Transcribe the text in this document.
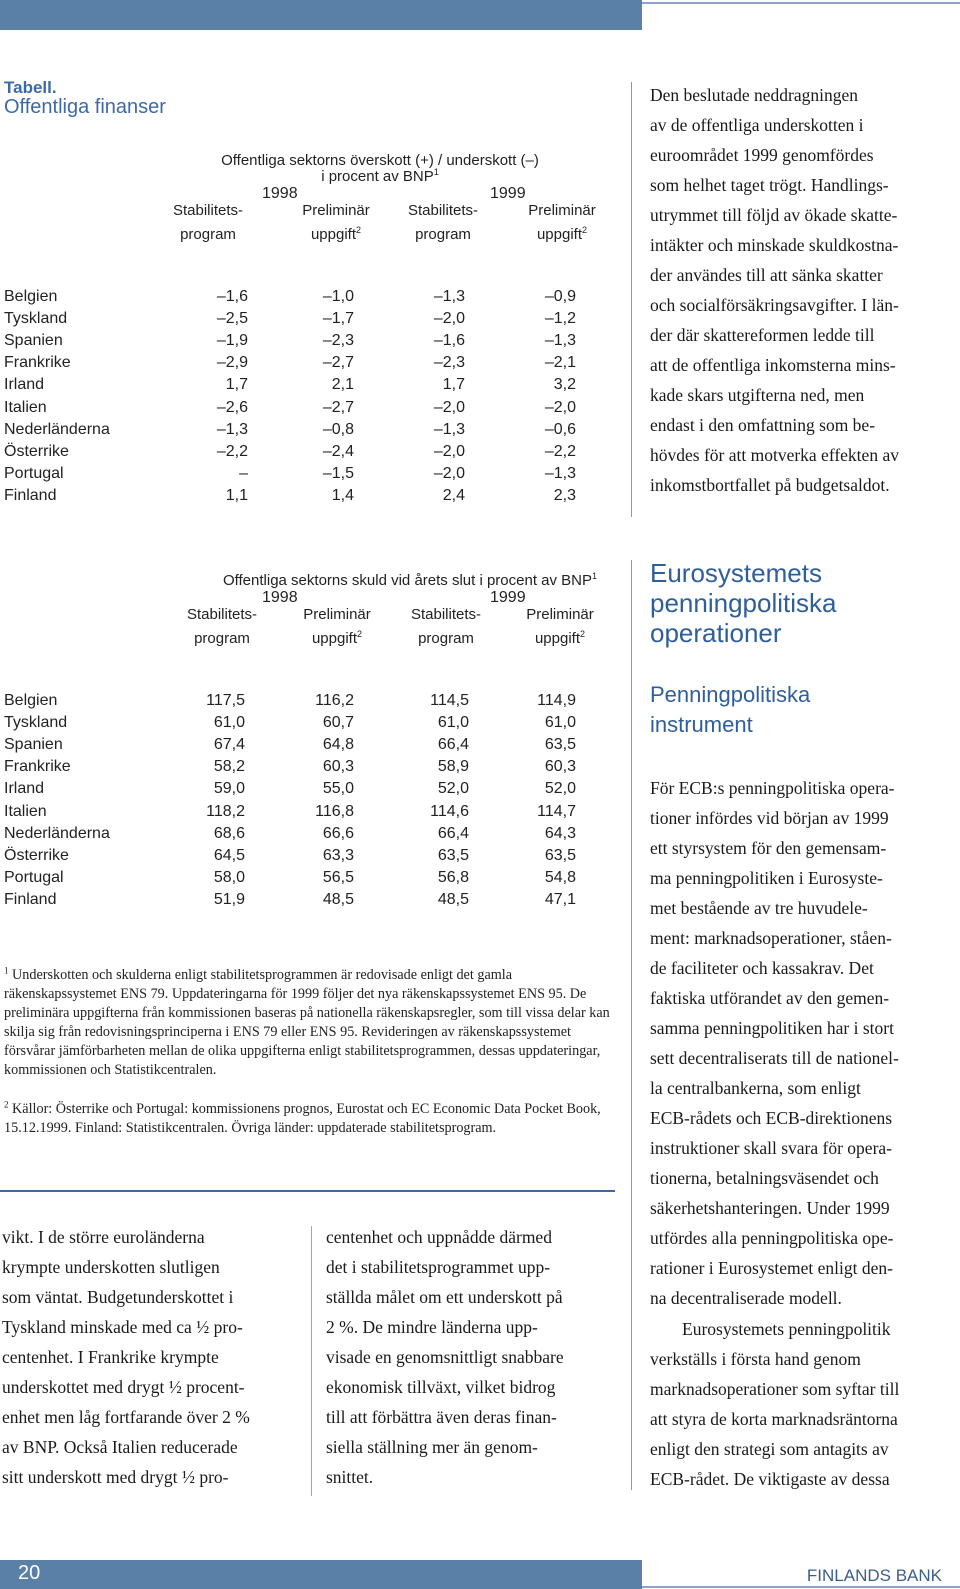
20	FINLANDS BANK
Tabell.
Offentliga finanser
Offentliga sektorns överskott (+) / underskott (–)
i procent av BNP$^1$
1998	1999
Stabilitets-
program
Preliminär
uppgift$^2$
Stabilitets-
program
Preliminär
uppgift$^2$
Belgien	–1,6	–1,0	–1,3	–0,9
Tyskland	–2,5	–1,7	–2,0	–1,2
Spanien	–1,9	–2,3	–1,6	–1,3
Frankrike	–2,9	–2,7	–2,3	–2,1
Irland	1,7	2,1	1,7	3,2
Italien	–2,6	–2,7	–2,0	–2,0
Nederländerna	–1,3	–0,8	–1,3	–0,6
Österrike	–2,2	–2,4	–2,0	–2,2
Portugal	–	–1,5	–2,0	–1,3
Finland	1,1	1,4	2,4	2,3
Offentliga sektorns skuld vid årets slut i procent av BNP$^1$
1998	1999
Stabilitets-
program
Preliminär
uppgift$^2$
Stabilitets-
program
Preliminär
uppgift$^2$
Belgien	117,5	116,2	114,5	114,9
Tyskland	61,0	60,7	61,0	61,0
Spanien	67,4	64,8	66,4	63,5
Frankrike	58,2	60,3	58,9	60,3
Irland	59,0	55,0	52,0	52,0
Italien	118,2	116,8	114,6	114,7
Nederländerna	68,6	66,6	66,4	64,3
Österrike	64,5	63,3	63,5	63,5
Portugal	58,0	56,5	56,8	54,8
Finland	51,9	48,5	48,5	47,1
$^1$ Underskotten och skulderna enligt stabilitetsprogrammen är redovisade enligt det gamla räkenskapssystemet ENS 79. Uppdateringarna för 1999 följer det nya räkenskapssystemet ENS 95. De preliminära uppgifterna från kommissionen baseras på nationella räkenskapsregler, som till vissa delar kan skilja sig från redovisningsprinciperna i ENS 79 eller ENS 95. Revideringen av räkenskapssystemet försvårar jämförbarheten mellan de olika uppgifterna enligt stabilitetsprogrammen, dessas uppdateringar, kommissionen och Statistikcentralen.
$^2$ Källor: Österrike och Portugal: kommissionens prognos, Eurostat och EC Economic Data Pocket Book, 15.12.1999. Finland: Statistikcentralen. Övriga länder: uppdaterade stabilitetsprogram.
vikt. I de större euroländerna
krympte underskotten slutligen
som väntat. Budgetunderskottet i
Tyskland minskade med ca ½ pro-
centenhet. I Frankrike krympte
underskottet med drygt ½ procent-
enhet men låg fortfarande över 2 %
av BNP. Också Italien reducerade
sitt underskott med drygt ½ pro-
centenhet och uppnådde därmed
det i stabilitetsprogrammet upp-
ställda målet om ett underskott på
2 %. De mindre länderna upp-
visade en genomsnittligt snabbare
ekonomisk tillväxt, vilket bidrog
till att förbättra även deras finan-
siella ställning mer än genom-
snittet.
Den beslutade neddragningen
av de offentliga underskotten i
euroområdet 1999 genomfördes
som helhet taget trögt. Handlings-
utrymmet till följd av ökade skatte-
intäkter och minskade skuldkostna-
der användes till att sänka skatter
och socialförsäkringsavgifter. I län-
der där skattereformen ledde till
att de offentliga inkomsterna mins-
kade skars utgifterna ned, men
endast i den omfattning som be-
hövdes för att motverka effekten av
inkomstbortfallet på budgetsaldot.
Eurosystemets
penningpolitiska
operationer
Penningpolitiska
instrument
För ECB:s penningpolitiska opera-
tioner infördes vid början av 1999
ett styrsystem för den gemensam-
ma penningpolitiken i Eurosyste-
met bestående av tre huvudele-
ment: marknadsoperationer, ståen-
de faciliteter och kassakrav. Det
faktiska utförandet av den gemen-
samma penningpolitiken har i stort
sett decentraliserats till de nationel-
la centralbankerna, som enligt
ECB-rådets och ECB-direktionens
instruktioner skall svara för opera-
tionerna, betalningsväsendet och
säkerhetshanteringen. Under 1999
utfördes alla penningpolitiska ope-
rationer i Eurosystemet enligt den-
na decentraliserade modell.
Eurosystemets penningpolitik
verkställs i första hand genom
marknadsoperationer som syftar till
att styra de korta marknadsräntorna
enligt den strategi som antagits av
ECB-rådet. De viktigaste av dessa
